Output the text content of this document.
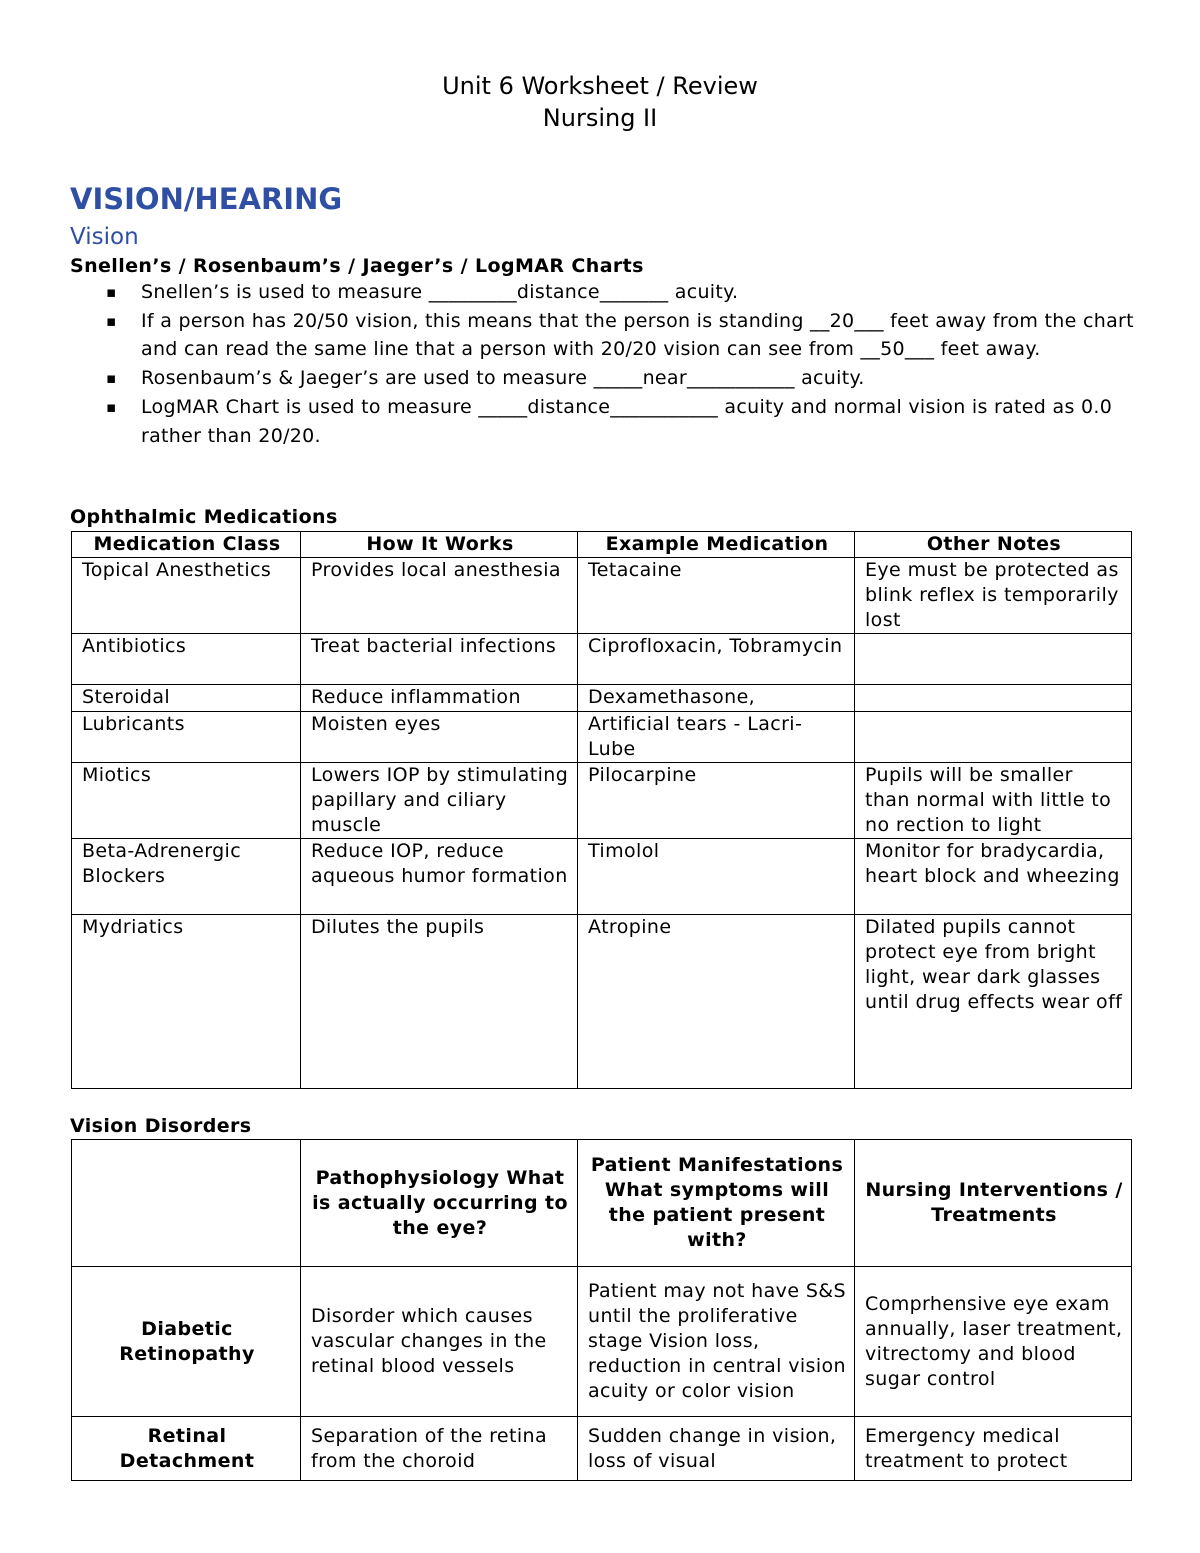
Unit 6 Worksheet / Review
Nursing II
VISION/HEARING
Vision
Snellen’s / Rosenbaum’s / Jaeger’s / LogMAR Charts
▪ Snellen’s is used to measure _________distance_______ acuity.
▪ If a person has 20/50 vision, this means that the person is standing __20___ feet away from the chart and can read the same line that a person with 20/20 vision can see from __50___ feet away.
▪ Rosenbaum’s & Jaeger’s are used to measure _____near___________ acuity.
▪ LogMAR Chart is used to measure _____distance___________ acuity and normal vision is rated as 0.0 rather than 20/20.
Ophthalmic Medications
Medication Class	How It Works	Example Medication	Other Notes
Topical Anesthetics	Provides local anesthesia	Tetacaine	Eye must be protected as blink reflex is temporarily lost
Antibiotics	Treat bacterial infections	Ciprofloxacin, Tobramycin	
Steroidal	Reduce inflammation	Dexamethasone,	
Lubricants	Moisten eyes	Artificial tears - Lacri-Lube	
Miotics	Lowers IOP by stimulating papillary and ciliary muscle	Pilocarpine	Pupils will be smaller than normal with little to no rection to light
Beta-Adrenergic Blockers	Reduce IOP, reduce aqueous humor formation	Timolol	Monitor for bradycardia, heart block and wheezing
Mydriatics	Dilutes the pupils	Atropine	Dilated pupils cannot protect eye from bright light, wear dark glasses until drug effects wear off
Vision Disorders
	Pathophysiology What is actually occurring to the eye?	Patient Manifestations What symptoms will the patient present with?	Nursing Interventions / Treatments
Diabetic Retinopathy	Disorder which causes vascular changes in the retinal blood vessels	Patient may not have S&S until the proliferative stage Vision loss, reduction in central vision acuity or color vision	Comprhensive eye exam annually, laser treatment, vitrectomy and blood sugar control
Retinal Detachment	Separation of the retina from the choroid	Sudden change in vision, loss of visual	Emergency medical treatment to protect
